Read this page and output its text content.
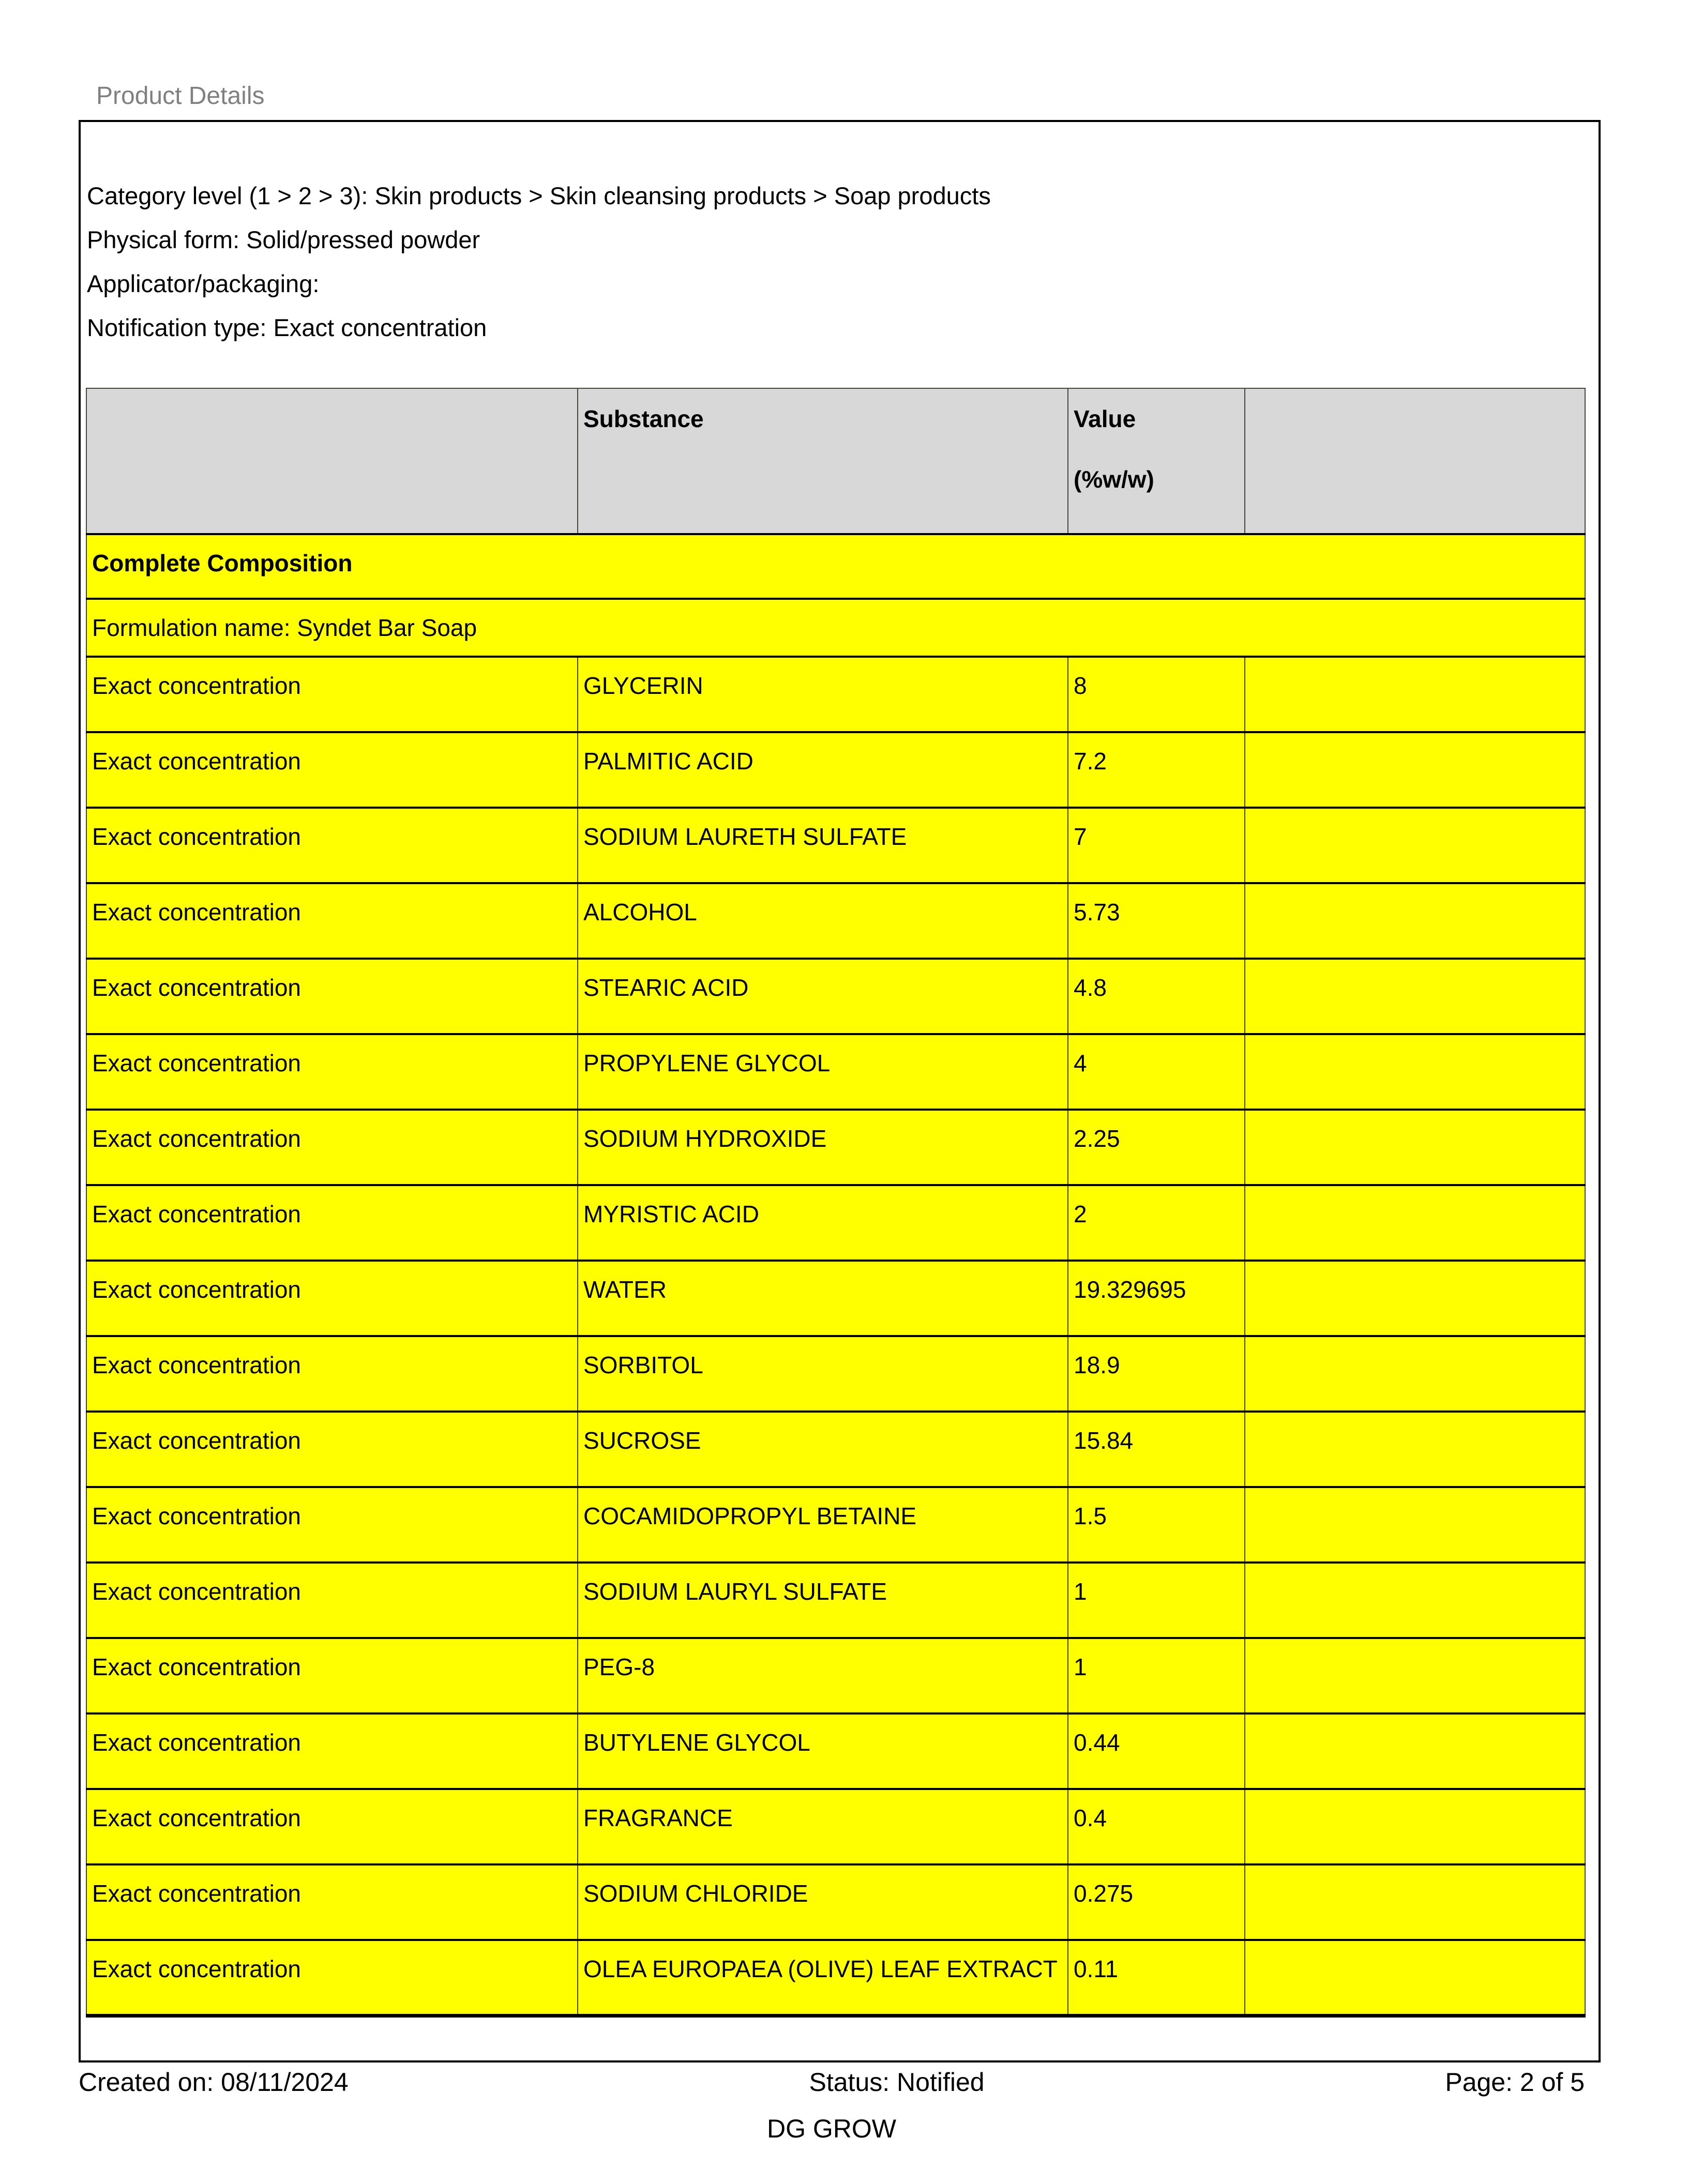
Product Details
Category level (1 > 2 > 3): Skin products > Skin cleansing products > Soap products
Physical form: Solid/pressed powder
Applicator/packaging:
Notification type: Exact concentration
	Substance	Value
(%w/w)	

Complete Composition			
Formulation name: Syndet Bar Soap			
Exact concentration	GLYCERIN	8	
Exact concentration	PALMITIC ACID	7.2	
Exact concentration	SODIUM LAURETH SULFATE	7	
Exact concentration	ALCOHOL	5.73	
Exact concentration	STEARIC ACID	4.8	
Exact concentration	PROPYLENE GLYCOL	4	
Exact concentration	SODIUM HYDROXIDE	2.25	
Exact concentration	MYRISTIC ACID	2	
Exact concentration	WATER	19.329695	
Exact concentration	SORBITOL	18.9	
Exact concentration	SUCROSE	15.84	
Exact concentration	COCAMIDOPROPYL BETAINE	1.5	
Exact concentration	SODIUM LAURYL SULFATE	1	
Exact concentration	PEG-8	1	
Exact concentration	BUTYLENE GLYCOL	0.44	
Exact concentration	FRAGRANCE	0.4	
Exact concentration	SODIUM CHLORIDE	0.275	
Exact concentration	OLEA EUROPAEA (OLIVE) LEAF EXTRACT	0.11	
Created on: 08/11/2024	Status: Notified	Page: 2 of 5
DG GROW
